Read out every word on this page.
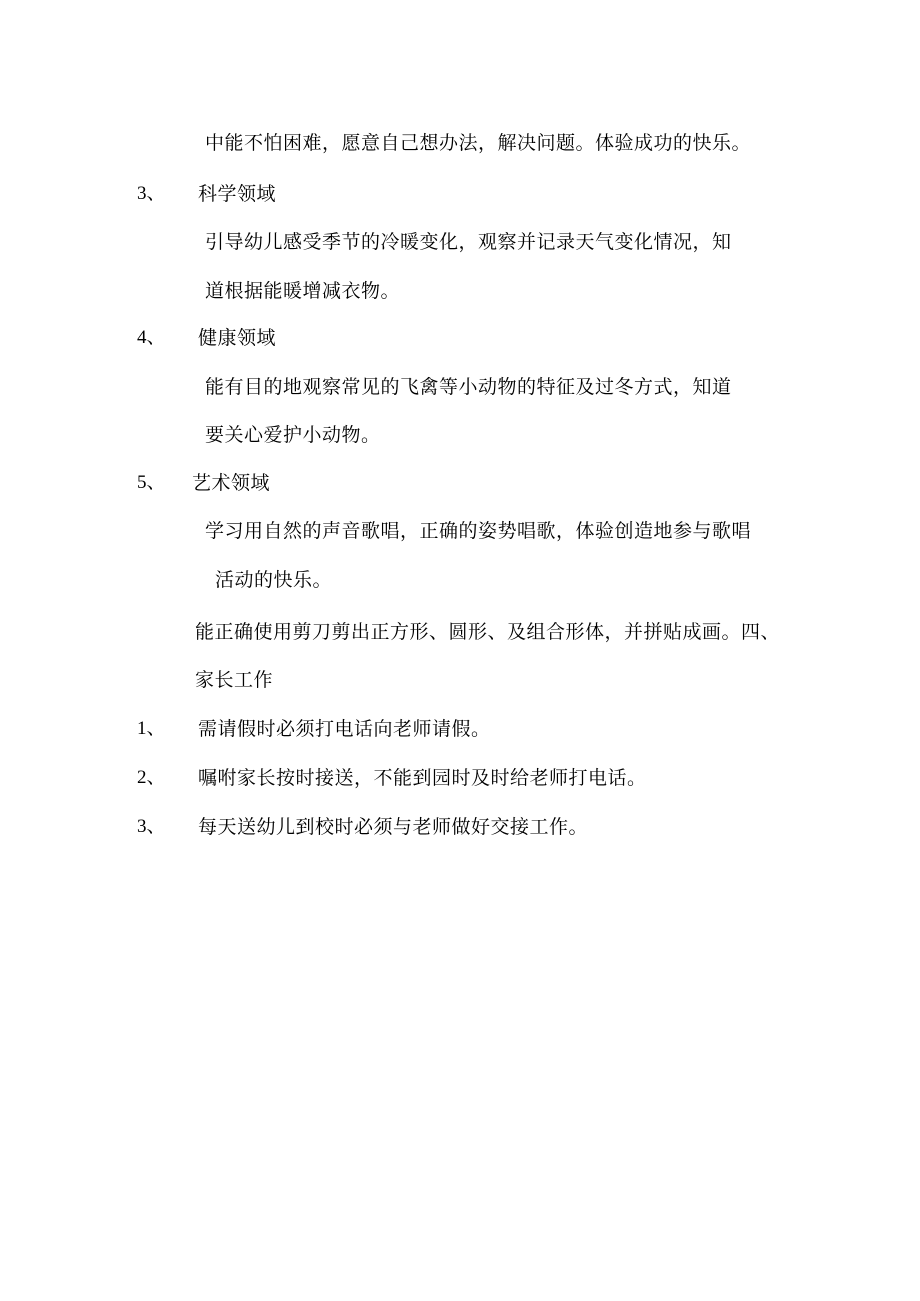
中能不怕困难，愿意自己想办法，解决问题。体验成功的快乐。
3、 科学领域
引导幼儿感受季节的冷暖变化，观察并记录天气变化情况，知
道根据能暖增减衣物。
4、 健康领域
能有目的地观察常见的飞禽等小动物的特征及过冬方式，知道
要关心爱护小动物。
5、 艺术领域
学习用自然的声音歌唱，正确的姿势唱歌，体验创造地参与歌唱
活动的快乐。
能正确使用剪刀剪出正方形、圆形、及组合形体，并拼贴成画。四、
家长工作
1、 需请假时必须打电话向老师请假。
2、 嘱咐家长按时接送，不能到园时及时给老师打电话。
3、 每天送幼儿到校时必须与老师做好交接工作。
